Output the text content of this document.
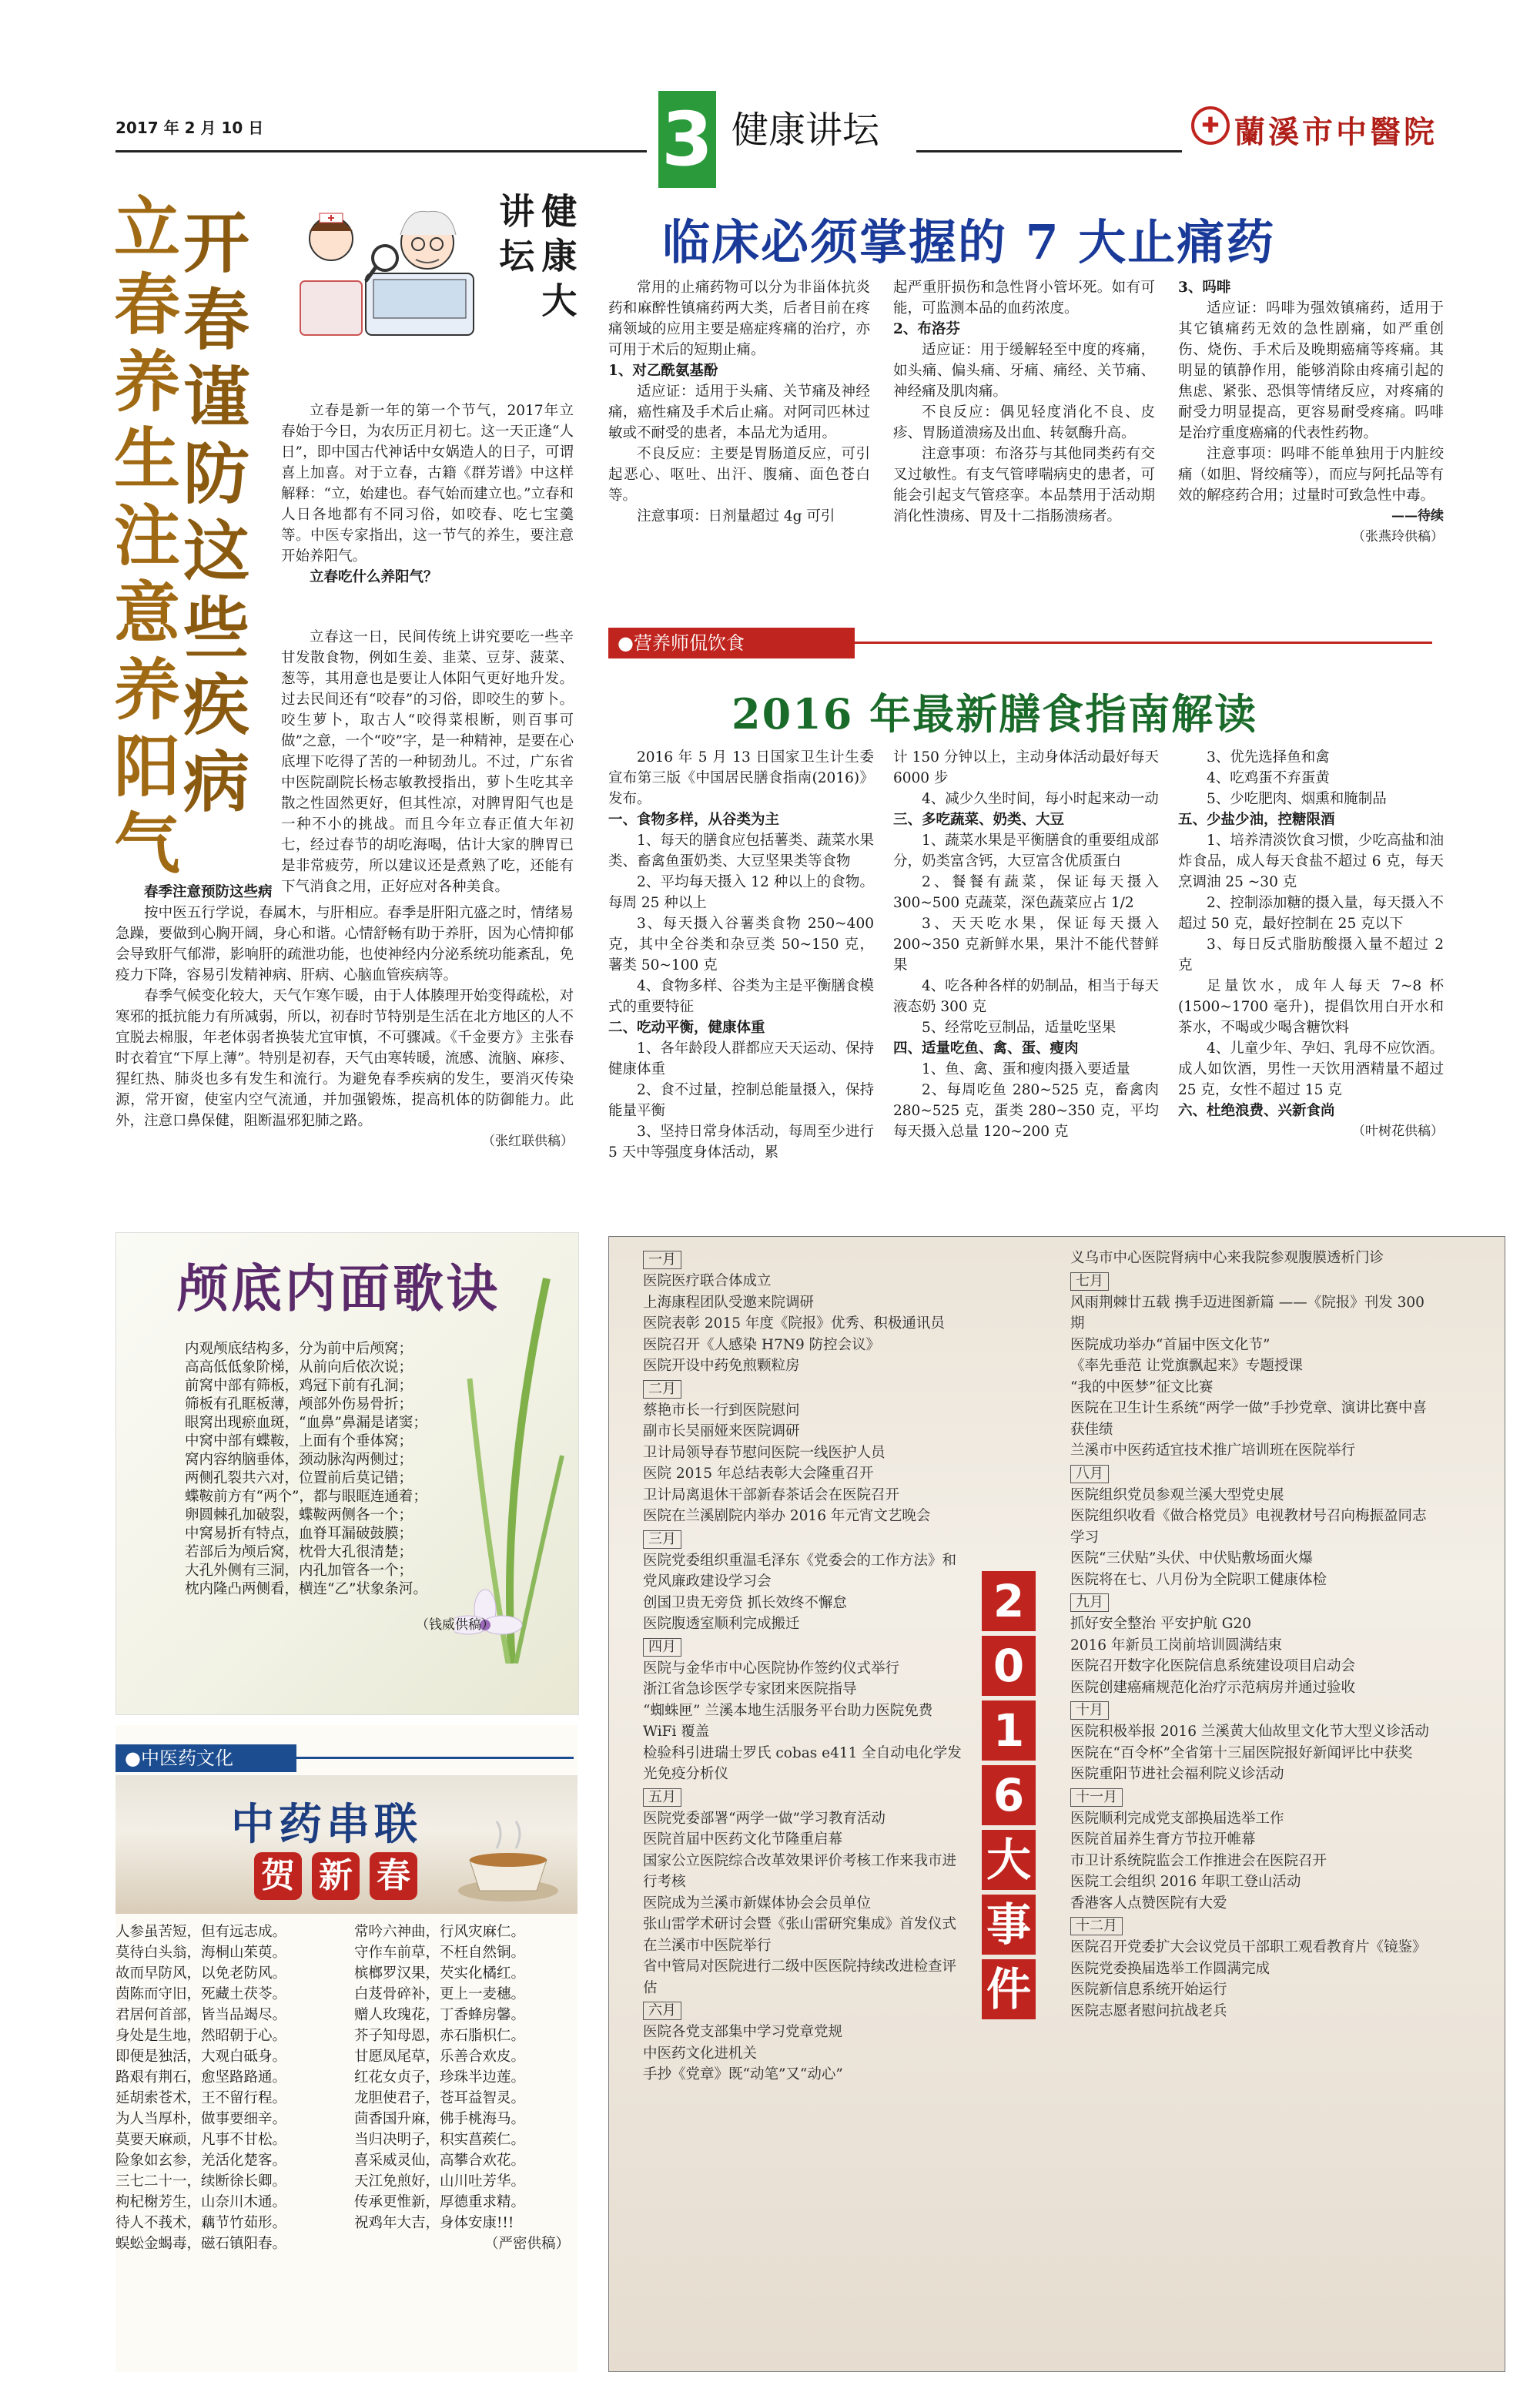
2017 年 2 月 10 日	3 健康讲坛
✚	蘭溪市中醫院
开春谨防这些疾病
立春养生注意养阳气	健康大讲坛

立春是新一年的第一个节气，2017年立春始于今日，为农历正月初七。这一天正逢“人日”，即中国古代神话中女娲造人的日子，可谓喜上加喜。对于立春，古籍《群芳谱》中这样解释：“立，始建也。春气始而建立也。”立春和人日各地都有不同习俗，如咬春、吃七宝羹等。中医专家指出，这一节气的养生，要注意开始养阳气。

立春吃什么养阳气？

立春这一日，民间传统上讲究要吃一些辛甘发散食物，例如生姜、韭菜、豆芽、菠菜、葱等，其用意也是要让人体阳气更好地升发。过去民间还有“咬春”的习俗，即咬生的萝卜。咬生萝卜，取古人“咬得菜根断，则百事可做”之意，一个“咬”字，是一种精神，是要在心底埋下吃得了苦的一种韧劲儿。不过，广东省中医院副院长杨志敏教授指出，萝卜生吃其辛散之性固然更好，但其性凉，对脾胃阳气也是一种不小的挑战。而且今年立春正值大年初七，经过春节的胡吃海喝，估计大家的脾胃已是非常疲劳，所以建议还是煮熟了吃，还能有下气消食之用，正好应对各种美食。

春季注意预防这些病

按中医五行学说，春属木，与肝相应。春季是肝阳亢盛之时，情绪易急躁，要做到心胸开阔，身心和谐。心情舒畅有助于养肝，因为心情抑郁会导致肝气郁滞，影响肝的疏泄功能，也使神经内分泌系统功能紊乱，免疫力下降，容易引发精神病、肝病、心脑血管疾病等。

春季气候变化较大，天气乍寒乍暖，由于人体腠理开始变得疏松，对寒邪的抵抗能力有所减弱，所以，初春时节特别是生活在北方地区的人不宜脱去棉服，年老体弱者换装尤宜审慎，不可骤减。《千金要方》主张春时衣着宜“下厚上薄”。特别是初春，天气由寒转暖，流感、流脑、麻疹、猩红热、肺炎也多有发生和流行。为避免春季疾病的发生，要消灭传染源，常开窗，使室内空气流通，并加强锻炼，提高机体的防御能力。此外，注意口鼻保健，阻断温邪犯肺之路。

（张红联供稿）

临床必须掌握的 7 大止痛药

常用的止痛药物可以分为非甾体抗炎药和麻醉性镇痛药两大类，后者目前在疼痛领域的应用主要是癌症疼痛的治疗，亦可用于术后的短期止痛。

1、对乙酰氨基酚

适应证：适用于头痛、关节痛及神经痛，癌性痛及手术后止痛。对阿司匹林过敏或不耐受的患者，本品尤为适用。

不良反应：主要是胃肠道反应，可引起恶心、呕吐、出汗、腹痛、面色苍白等。

注意事项：日剂量超过 4g 可引

起严重肝损伤和急性肾小管坏死。如有可能，可监测本品的血药浓度。

2、布洛芬

适应证：用于缓解轻至中度的疼痛，如头痛、偏头痛、牙痛、痛经、关节痛、神经痛及肌肉痛。

不良反应：偶见轻度消化不良、皮疹、胃肠道溃疡及出血、转氨酶升高。

注意事项：布洛芬与其他同类药有交叉过敏性。有支气管哮喘病史的患者，可能会引起支气管痉挛。本品禁用于活动期消化性溃疡、胃及十二指肠溃疡者。

3、吗啡

适应证：吗啡为强效镇痛药，适用于其它镇痛药无效的急性剧痛，如严重创伤、烧伤、手术后及晚期癌痛等疼痛。其明显的镇静作用，能够消除由疼痛引起的焦虑、紧张、恐惧等情绪反应，对疼痛的耐受力明显提高，更容易耐受疼痛。吗啡是治疗重度癌痛的代表性药物。

注意事项：吗啡不能单独用于内脏绞痛（如胆、肾绞痛等），而应与阿托品等有效的解痉药合用；过量时可致急性中毒。

——待续

（张燕玲供稿）

●营养师侃饮食
2016 年最新膳食指南解读

2016 年 5 月 13 日国家卫生计生委宣布第三版《中国居民膳食指南(2016)》发布。

一、食物多样，从谷类为主

1、每天的膳食应包括薯类、蔬菜水果类、畜禽鱼蛋奶类、大豆坚果类等食物

2、平均每天摄入 12 种以上的食物。每周 25 种以上

3、每天摄入谷薯类食物 250~400 克，其中全谷类和杂豆类 50~150 克，薯类 50~100 克

4、食物多样、谷类为主是平衡膳食模式的重要特征

二、吃动平衡，健康体重

1、各年龄段人群都应天天运动、保持健康体重

2、食不过量，控制总能量摄入，保持能量平衡

3、坚持日常身体活动，每周至少进行 5 天中等强度身体活动，累

计 150 分钟以上，主动身体活动最好每天 6000 步

4、减少久坐时间，每小时起来动一动

三、多吃蔬菜、奶类、大豆

1、蔬菜水果是平衡膳食的重要组成部分，奶类富含钙，大豆富含优质蛋白

2、餐餐有蔬菜，保证每天摄入 300~500 克蔬菜，深色蔬菜应占 1/2

3、天天吃水果，保证每天摄入 200~350 克新鲜水果，果汁不能代替鲜果

4、吃各种各样的奶制品，相当于每天液态奶 300 克

5、经常吃豆制品，适量吃坚果

四、适量吃鱼、禽、蛋、瘦肉

1、鱼、禽、蛋和瘦肉摄入要适量

2、每周吃鱼 280~525 克，畜禽肉 280~525 克，蛋类 280~350 克，平均每天摄入总量 120~200 克

3、优先选择鱼和禽

4、吃鸡蛋不弃蛋黄

5、少吃肥肉、烟熏和腌制品

五、少盐少油，控糖限酒

1、培养清淡饮食习惯，少吃高盐和油炸食品，成人每天食盐不超过 6 克，每天烹调油 25 ~30 克

2、控制添加糖的摄入量，每天摄入不超过 50 克，最好控制在 25 克以下

3、每日反式脂肪酸摄入量不超过 2 克

足量饮水，成年人每天 7~8 杯(1500~1700 毫升)，提倡饮用白开水和茶水，不喝或少喝含糖饮料

4、儿童少年、孕妇、乳母不应饮酒。成人如饮酒，男性一天饮用酒精量不超过 25 克，女性不超过 15 克

六、杜绝浪费、兴新食尚

（叶树花供稿）

颅底内面歌诀
内观颅底结构多，分为前中后颅窝；
高高低低象阶梯，从前向后依次说；
前窝中部有筛板，鸡冠下前有孔洞；
筛板有孔眶板薄，颅部外伤易骨折；
眼窝出现瘀血斑，“血鼻”鼻漏是诸窦；
中窝中部有蝶鞍，上面有个垂体窝；
窝内容纳脑垂体，颈动脉沟两侧过；
两侧孔裂共六对，位置前后莫记错；
蝶鞍前方有“两个”，都与眼眶连通着；
卵圆棘孔加破裂，蝶鞍两侧各一个；
中窝易折有特点，血脊耳漏破鼓膜；
若部后为颅后窝，枕骨大孔很清楚；
大孔外侧有三洞，内孔加管各一个；
枕内隆凸两侧看，横连“乙”状象条河。
（钱威供稿）
●中医药文化
中药串联
贺 新 春
人参虽苦短，但有远志成。
莫待白头翁，海桐山茱萸。
故而早防风，以免老防风。
茵陈而守旧，死藏土茯苓。
君居何首部，皆当品竭尽。
身处是生地，然昭朝于心。
即便是独活，大观白砥身。
路艰有荆石，愈坚路路通。
延胡索苍术，王不留行程。
为人当厚朴，做事要细辛。
莫要天麻顽，凡事不甘松。
险象如玄参，羌活化楚客。
三七二十一，续断徐长卿。
枸杞榭芳生，山奈川木通。
待人不莪术，藕节竹茹形。
蜈蚣金蝎毒，磁石镇阳春。
常吟六神曲，行风灾麻仁。
守作车前草，不枉自然铜。
槟榔罗汉果，芡实化橘红。
白芨骨碎补，更上一麦穗。
赠人玫瑰花，丁香蜂房馨。
芥子知母恩，赤石脂枳仁。
甘愿凤尾草，乐善合欢皮。
红花女贞子，珍珠半边莲。
龙胆使君子，苍耳益智灵。
茴香国升麻，佛手桃海马。
当归决明子，积实菖蒺仁。
喜采威灵仙，高攀合欢花。
天江免煎好，山川吐芳华。
传承更惟新，厚德重求精。
祝鸡年大吉，身体安康!!!
（严密供稿）
2
0
1
6
大
事
件
一月
医院医疗联合体成立
上海康程团队受邀来院调研
医院表彰 2015 年度《院报》优秀、积极通讯员
医院召开《人感染 H7N9 防控会议》
医院开设中药免煎颗粒房
二月
蔡艳市长一行到医院慰问
副市长吴丽娅来医院调研
卫计局领导春节慰问医院一线医护人员
医院 2015 年总结表彰大会隆重召开
卫计局离退休干部新春茶话会在医院召开
医院在兰溪剧院内举办 2016 年元宵文艺晚会
三月
医院党委组织重温毛泽东《党委会的工作方法》和党风廉政建设学习会
创国卫贵无旁贷 抓长效终不懈怠
医院腹透室顺利完成搬迁
四月
医院与金华市中心医院协作签约仪式举行
浙江省急诊医学专家团来医院指导
“蜘蛛匣” 兰溪本地生活服务平台助力医院免费 WiFi 覆盖
检验科引进瑞士罗氏 cobas e411 全自动电化学发光免疫分析仪
五月
医院党委部署“两学一做”学习教育活动
医院首届中医药文化节隆重启幕
国家公立医院综合改革效果评价考核工作来我市进行考核
医院成为兰溪市新媒体协会会员单位
张山雷学术研讨会暨《张山雷研究集成》首发仪式在兰溪市中医院举行
省中管局对医院进行二级中医医院持续改进检查评估
六月
医院各党支部集中学习党章党规
中医药文化进机关
手抄《党章》既“动笔”又“动心”
义乌市中心医院肾病中心来我院参观腹膜透析门诊
七月
风雨荆棘廿五载 携手迈进图新篇 ——《院报》刊发 300 期
医院成功举办“首届中医文化节”
《率先垂范 让党旗飘起来》专题授课
“我的中医梦”征文比赛
医院在卫生计生系统“两学一做”手抄党章、演讲比赛中喜获佳绩
兰溪市中医药适宜技术推广培训班在医院举行
八月
医院组织党员参观兰溪大型党史展
医院组织收看《做合格党员》电视教材号召向梅振盈同志学习
医院“三伏贴”头伏、中伏贴敷场面火爆
医院将在七、八月份为全院职工健康体检
九月
抓好安全整治 平安护航 G20
2016 年新员工岗前培训圆满结束
医院召开数字化医院信息系统建设项目启动会
医院创建癌痛规范化治疗示范病房并通过验收
十月
医院积极举报 2016 兰溪黄大仙故里文化节大型义诊活动
医院在“百令杯”全省第十三届医院报好新闻评比中获奖
医院重阳节进社会福利院义诊活动
十一月
医院顺利完成党支部换届选举工作
医院首届养生膏方节拉开帷幕
市卫计系统院监会工作推进会在医院召开
医院工会组织 2016 年职工登山活动
香港客人点赞医院有大爱
十二月
医院召开党委扩大会议党员干部职工观看教育片《镜鉴》
医院党委换届选举工作圆满完成
医院新信息系统开始运行
医院志愿者慰问抗战老兵
